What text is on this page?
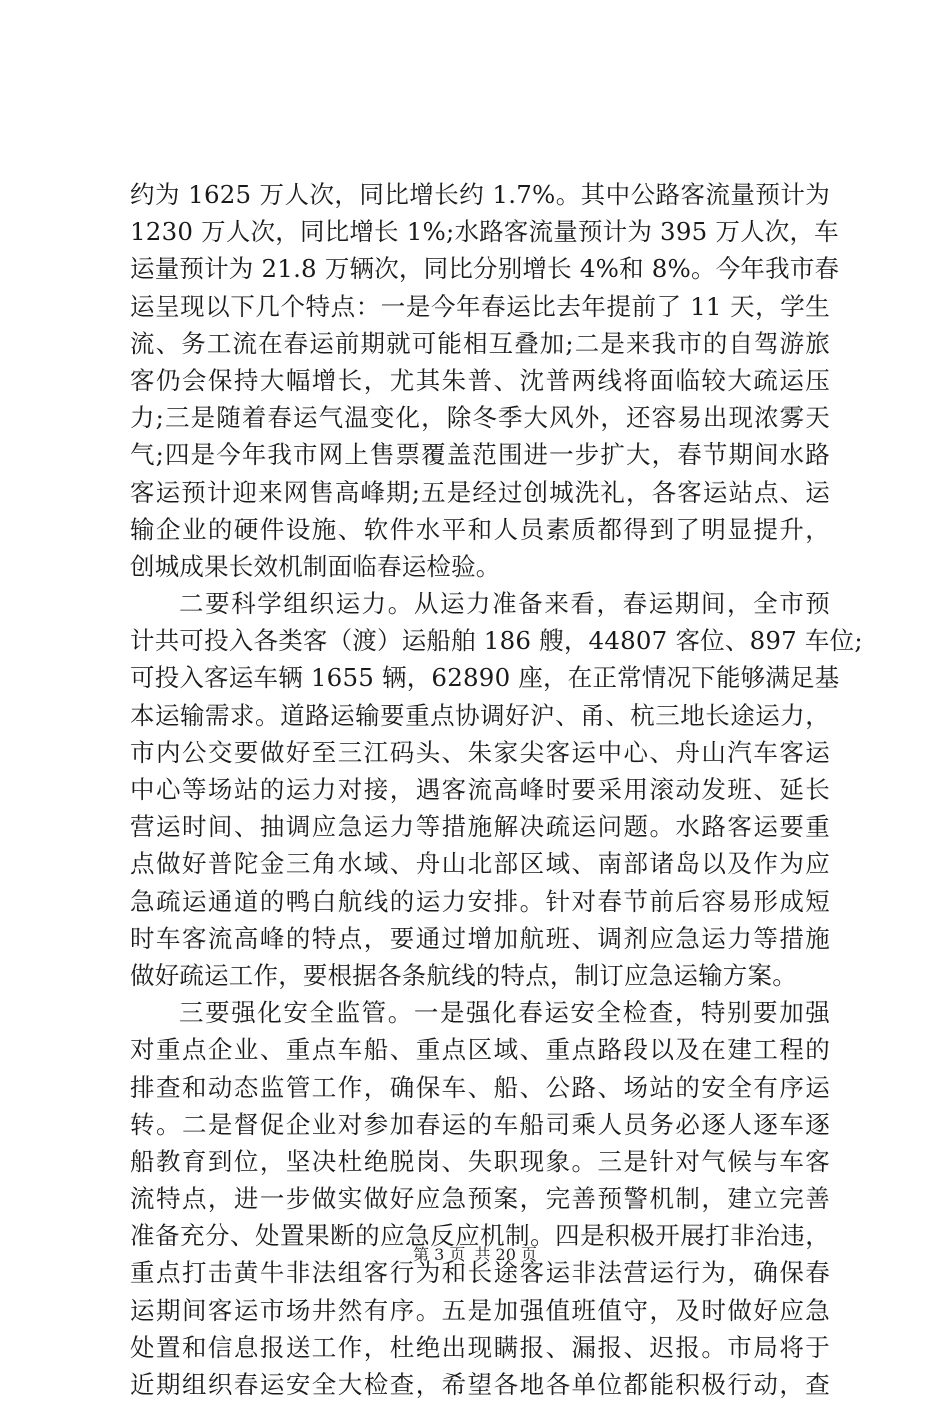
约为 1625 万人次，同比增长约 1.7%。其中公路客流量预计为
1230 万人次，同比增长 1%;水路客流量预计为 395 万人次，车
运量预计为 21.8 万辆次，同比分别增长 4%和 8%。今年我市春
运呈现以下几个特点：一是今年春运比去年提前了 11 天，学生
流、务工流在春运前期就可能相互叠加;二是来我市的自驾游旅
客仍会保持大幅增长，尤其朱普、沈普两线将面临较大疏运压
力;三是随着春运气温变化，除冬季大风外，还容易出现浓雾天
气;四是今年我市网上售票覆盖范围进一步扩大，春节期间水路
客运预计迎来网售高峰期;五是经过创城洗礼，各客运站点、运
输企业的硬件设施、软件水平和人员素质都得到了明显提升，
创城成果长效机制面临春运检验。
二要科学组织运力。从运力准备来看，春运期间，全市预
计共可投入各类客（渡）运船舶 186 艘，44807 客位、897 车位;
可投入客运车辆 1655 辆，62890 座，在正常情况下能够满足基
本运输需求。道路运输要重点协调好沪、甬、杭三地长途运力，
市内公交要做好至三江码头、朱家尖客运中心、舟山汽车客运
中心等场站的运力对接，遇客流高峰时要采用滚动发班、延长
营运时间、抽调应急运力等措施解决疏运问题。水路客运要重
点做好普陀金三角水域、舟山北部区域、南部诸岛以及作为应
急疏运通道的鸭白航线的运力安排。针对春节前后容易形成短
时车客流高峰的特点，要通过增加航班、调剂应急运力等措施
做好疏运工作，要根据各条航线的特点，制订应急运输方案。
三要强化安全监管。一是强化春运安全检查，特别要加强
对重点企业、重点车船、重点区域、重点路段以及在建工程的
排查和动态监管工作，确保车、船、公路、场站的安全有序运
转。二是督促企业对参加春运的车船司乘人员务必逐人逐车逐
船教育到位，坚决杜绝脱岗、失职现象。三是针对气候与车客
流特点，进一步做实做好应急预案，完善预警机制，建立完善
准备充分、处置果断的应急反应机制。四是积极开展打非治违，
重点打击黄牛非法组客行为和长途客运非法营运行为，确保春
运期间客运市场井然有序。五是加强值班值守，及时做好应急
处置和信息报送工作，杜绝出现瞒报、漏报、迟报。市局将于
近期组织春运安全大检查，希望各地各单位都能积极行动，查
第 3 页 共 20 页
